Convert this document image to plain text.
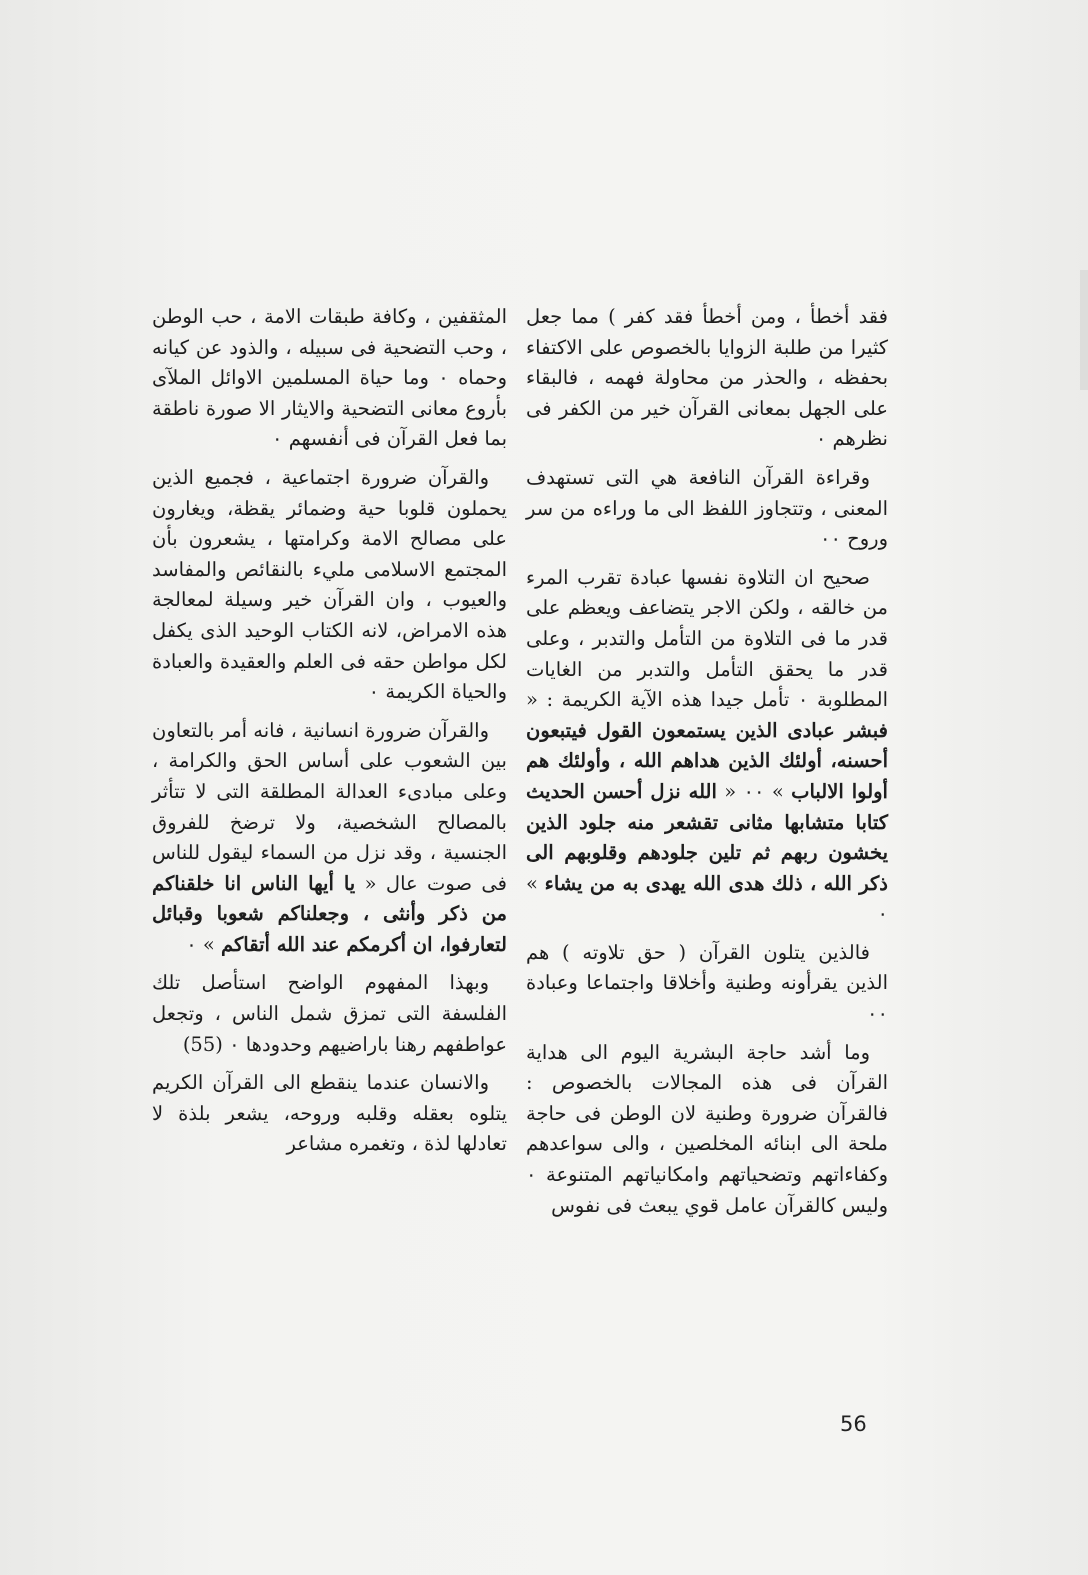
فقد أخطأ ، ومن أخطأ فقد كفر ) مما جعل كثيرا من طلبة الزوايا بالخصوص على الاكتفاء بحفظه ، والحذر من محاولة فهمه ، فالبقاء على الجهل بمعانى القرآن خير من الكفر فى نظرهم ٠

وقراءة القرآن النافعة هي التى تستهدف المعنى ، وتتجاوز اللفظ الى ما وراءه من سر وروح ٠٠

صحيح ان التلاوة نفسها عبادة تقرب المرء من خالقه ، ولكن الاجر يتضاعف ويعظم على قدر ما فى التلاوة من التأمل والتدبر ، وعلى قدر ما يحقق التأمل والتدبر من الغايات المطلوبة ٠ تأمل جيدا هذه الآية الكريمة : « فبشر عبادى الذين يستمعون القول فيتبعون أحسنه، أولئك الذين هداهم الله ، وأولئك هم أولوا الالباب » ٠٠ « الله نزل أحسن الحديث كتابا متشابها مثانى تقشعر منه جلود الذين يخشون ربهم ثم تلين جلودهم وقلوبهم الى ذكر الله ، ذلك هدى الله يهدى به من يشاء » ٠

فالذين يتلون القرآن ( حق تلاوته ) هم الذين يقرأونه وطنية وأخلاقا واجتماعا وعبادة ٠٠

وما أشد حاجة البشرية اليوم الى هداية القرآن فى هذه المجالات بالخصوص : فالقرآن ضرورة وطنية لان الوطن فى حاجة ملحة الى ابنائه المخلصين ، والى سواعدهم وكفاءاتهم وتضحياتهم وامكانياتهم المتنوعة ٠ وليس كالقرآن عامل قوي يبعث فى نفوس

المثقفين ، وكافة طبقات الامة ، حب الوطن ، وحب التضحية فى سبيله ، والذود عن كيانه وحماه ٠ وما حياة المسلمين الاوائل الملآى بأروع معانى التضحية والايثار الا صورة ناطقة بما فعل القرآن فى أنفسهم ٠

والقرآن ضرورة اجتماعية ، فجميع الذين يحملون قلوبا حية وضمائر يقظة، ويغارون على مصالح الامة وكرامتها ، يشعرون بأن المجتمع الاسلامى مليء بالنقائص والمفاسد والعيوب ، وان القرآن خير وسيلة لمعالجة هذه الامراض، لانه الكتاب الوحيد الذى يكفل لكل مواطن حقه فى العلم والعقيدة والعبادة والحياة الكريمة ٠

والقرآن ضرورة انسانية ، فانه أمر بالتعاون بين الشعوب على أساس الحق والكرامة ، وعلى مبادىء العدالة المطلقة التى لا تتأثر بالمصالح الشخصية، ولا ترضخ للفروق الجنسية ، وقد نزل من السماء ليقول للناس فى صوت عال « يا أيها الناس انا خلقناكم من ذكر وأنثى ، وجعلناكم شعوبا وقبائل لتعارفوا، ان أكرمكم عند الله أتقاكم » ٠

وبهذا المفهوم الواضح استأصل تلك الفلسفة التى تمزق شمل الناس ، وتجعل عواطفهم رهنا باراضيهم وحدودها ٠ (55)

والانسان عندما ينقطع الى القرآن الكريم يتلوه بعقله وقلبه وروحه، يشعر بلذة لا تعادلها لذة ، وتغمره مشاعر

56
